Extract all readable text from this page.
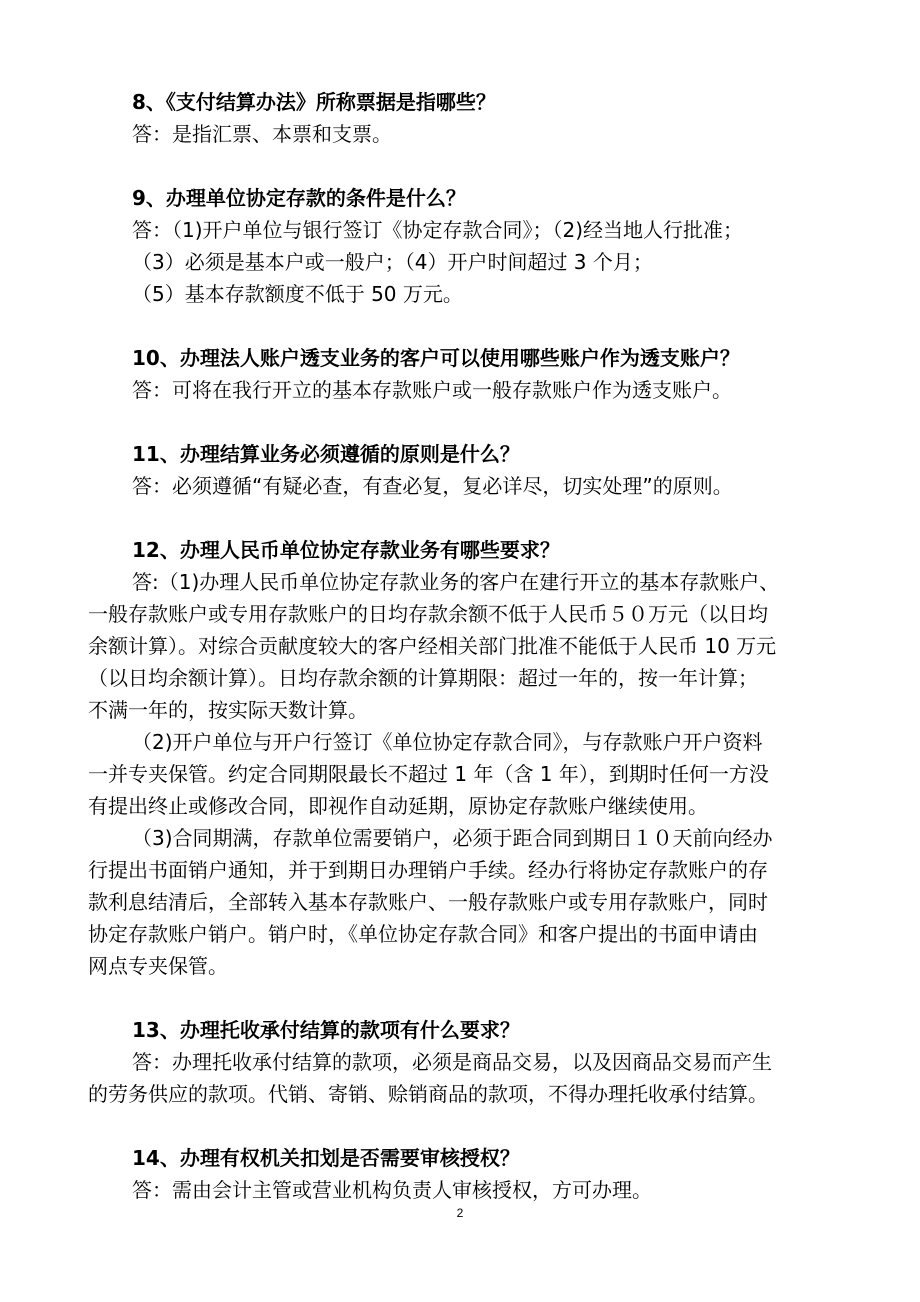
8、《支付结算办法》所称票据是指哪些？
答：是指汇票、本票和支票。
9、办理单位协定存款的条件是什么？
答：（1)开户单位与银行签订《协定存款合同》；（2)经当地人行批准；
（3）必须是基本户或一般户；（4）开户时间超过 3 个月；
（5）基本存款额度不低于 50 万元。
10、办理法人账户透支业务的客户可以使用哪些账户作为透支账户？
答：可将在我行开立的基本存款账户或一般存款账户作为透支账户。
11、办理结算业务必须遵循的原则是什么？
答：必须遵循“有疑必查，有查必复，复必详尽，切实处理”的原则。
12、办理人民币单位协定存款业务有哪些要求？
答:（1)办理人民币单位协定存款业务的客户在建行开立的基本存款账户、
一般存款账户或专用存款账户的日均存款余额不低于人民币５０万元（以日均
余额计算）。对综合贡献度较大的客户经相关部门批准不能低于人民币 10 万元
（以日均余额计算）。日均存款余额的计算期限：超过一年的，按一年计算；
不满一年的，按实际天数计算。
（2)开户单位与开户行签订《单位协定存款合同》，与存款账户开户资料
一并专夹保管。约定合同期限最长不超过 1 年（含 1 年），到期时任何一方没
有提出终止或修改合同，即视作自动延期，原协定存款账户继续使用。
（3)合同期满，存款单位需要销户，必须于距合同到期日１０天前向经办
行提出书面销户通知，并于到期日办理销户手续。经办行将协定存款账户的存
款利息结清后，全部转入基本存款账户、一般存款账户或专用存款账户，同时
协定存款账户销户。销户时，《单位协定存款合同》和客户提出的书面申请由
网点专夹保管。
13、办理托收承付结算的款项有什么要求？
答：办理托收承付结算的款项，必须是商品交易，以及因商品交易而产生
的劳务供应的款项。代销、寄销、赊销商品的款项，不得办理托收承付结算。
14、办理有权机关扣划是否需要审核授权？
答：需由会计主管或营业机构负责人审核授权，方可办理。
2
